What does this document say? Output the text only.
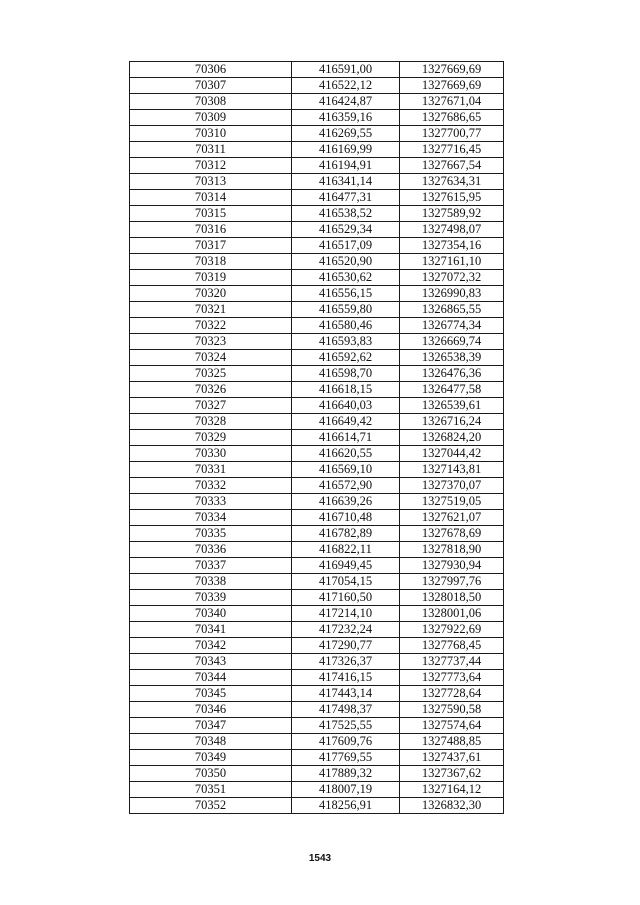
70306	416591,00	1327669,69
70307	416522,12	1327669,69
70308	416424,87	1327671,04
70309	416359,16	1327686,65
70310	416269,55	1327700,77
70311	416169,99	1327716,45
70312	416194,91	1327667,54
70313	416341,14	1327634,31
70314	416477,31	1327615,95
70315	416538,52	1327589,92
70316	416529,34	1327498,07
70317	416517,09	1327354,16
70318	416520,90	1327161,10
70319	416530,62	1327072,32
70320	416556,15	1326990,83
70321	416559,80	1326865,55
70322	416580,46	1326774,34
70323	416593,83	1326669,74
70324	416592,62	1326538,39
70325	416598,70	1326476,36
70326	416618,15	1326477,58
70327	416640,03	1326539,61
70328	416649,42	1326716,24
70329	416614,71	1326824,20
70330	416620,55	1327044,42
70331	416569,10	1327143,81
70332	416572,90	1327370,07
70333	416639,26	1327519,05
70334	416710,48	1327621,07
70335	416782,89	1327678,69
70336	416822,11	1327818,90
70337	416949,45	1327930,94
70338	417054,15	1327997,76
70339	417160,50	1328018,50
70340	417214,10	1328001,06
70341	417232,24	1327922,69
70342	417290,77	1327768,45
70343	417326,37	1327737,44
70344	417416,15	1327773,64
70345	417443,14	1327728,64
70346	417498,37	1327590,58
70347	417525,55	1327574,64
70348	417609,76	1327488,85
70349	417769,55	1327437,61
70350	417889,32	1327367,62
70351	418007,19	1327164,12
70352	418256,91	1326832,30
1543
